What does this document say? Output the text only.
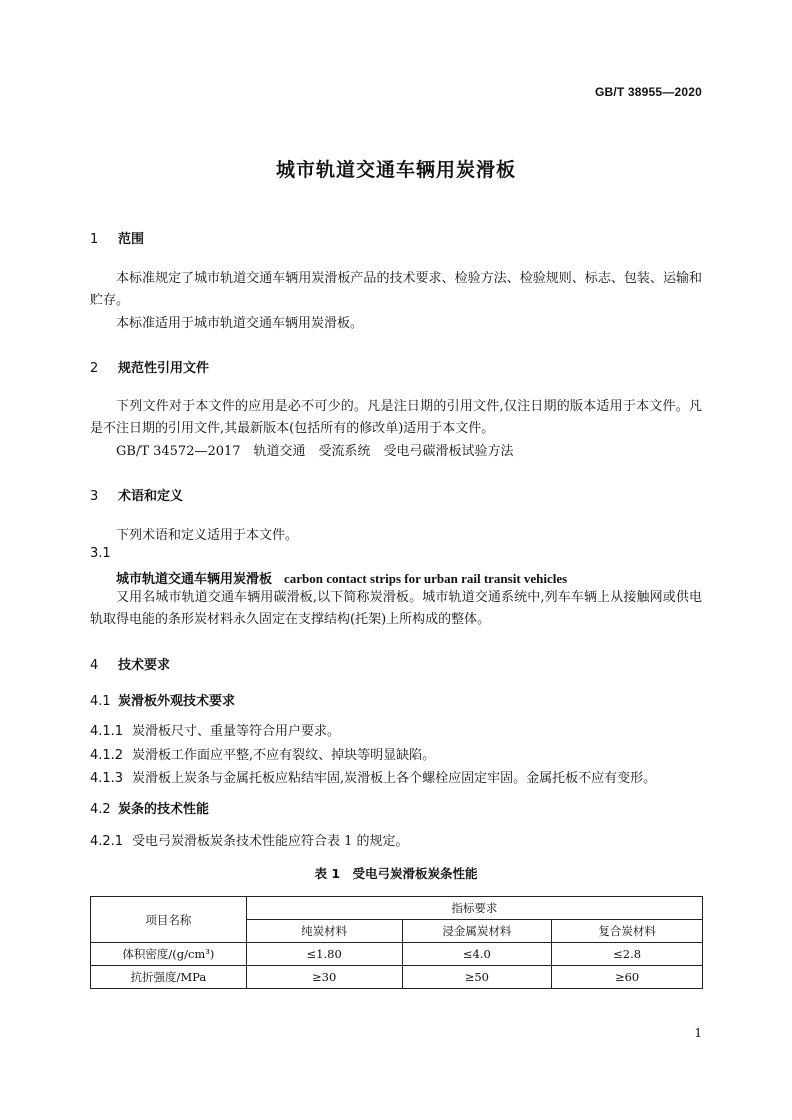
GB/T 38955—2020
城市轨道交通车辆用炭滑板
1 范围
本标准规定了城市轨道交通车辆用炭滑板产品的技术要求、检验方法、检验规则、标志、包装、运输和贮存。
本标准适用于城市轨道交通车辆用炭滑板。
2 规范性引用文件
下列文件对于本文件的应用是必不可少的。凡是注日期的引用文件,仅注日期的版本适用于本文件。凡是不注日期的引用文件,其最新版本(包括所有的修改单)适用于本文件。
GB/T 34572—2017　轨道交通　受流系统　受电弓碳滑板试验方法
3 术语和定义
下列术语和定义适用于本文件。
3.1
城市轨道交通车辆用炭滑板 carbon contact strips for urban rail transit vehicles
又用名城市轨道交通车辆用碳滑板,以下简称炭滑板。城市轨道交通系统中,列车车辆上从接触网或供电轨取得电能的条形炭材料永久固定在支撑结构(托架)上所构成的整体。
4 技术要求
4.1 炭滑板外观技术要求
4.1.1 炭滑板尺寸、重量等符合用户要求。
4.1.2 炭滑板工作面应平整,不应有裂纹、掉块等明显缺陷。
4.1.3 炭滑板上炭条与金属托板应粘结牢固,炭滑板上各个螺栓应固定牢固。金属托板不应有变形。
4.2 炭条的技术性能
4.2.1 受电弓炭滑板炭条技术性能应符合表 1 的规定。
表 1　受电弓炭滑板炭条性能
项目名称	指标要求		
	纯炭材料	浸金属炭材料	复合炭材料
体积密度/(g/cm³)	≤1.80	≤4.0	≤2.8
抗折强度/MPa	≥30	≥50	≥60
1
